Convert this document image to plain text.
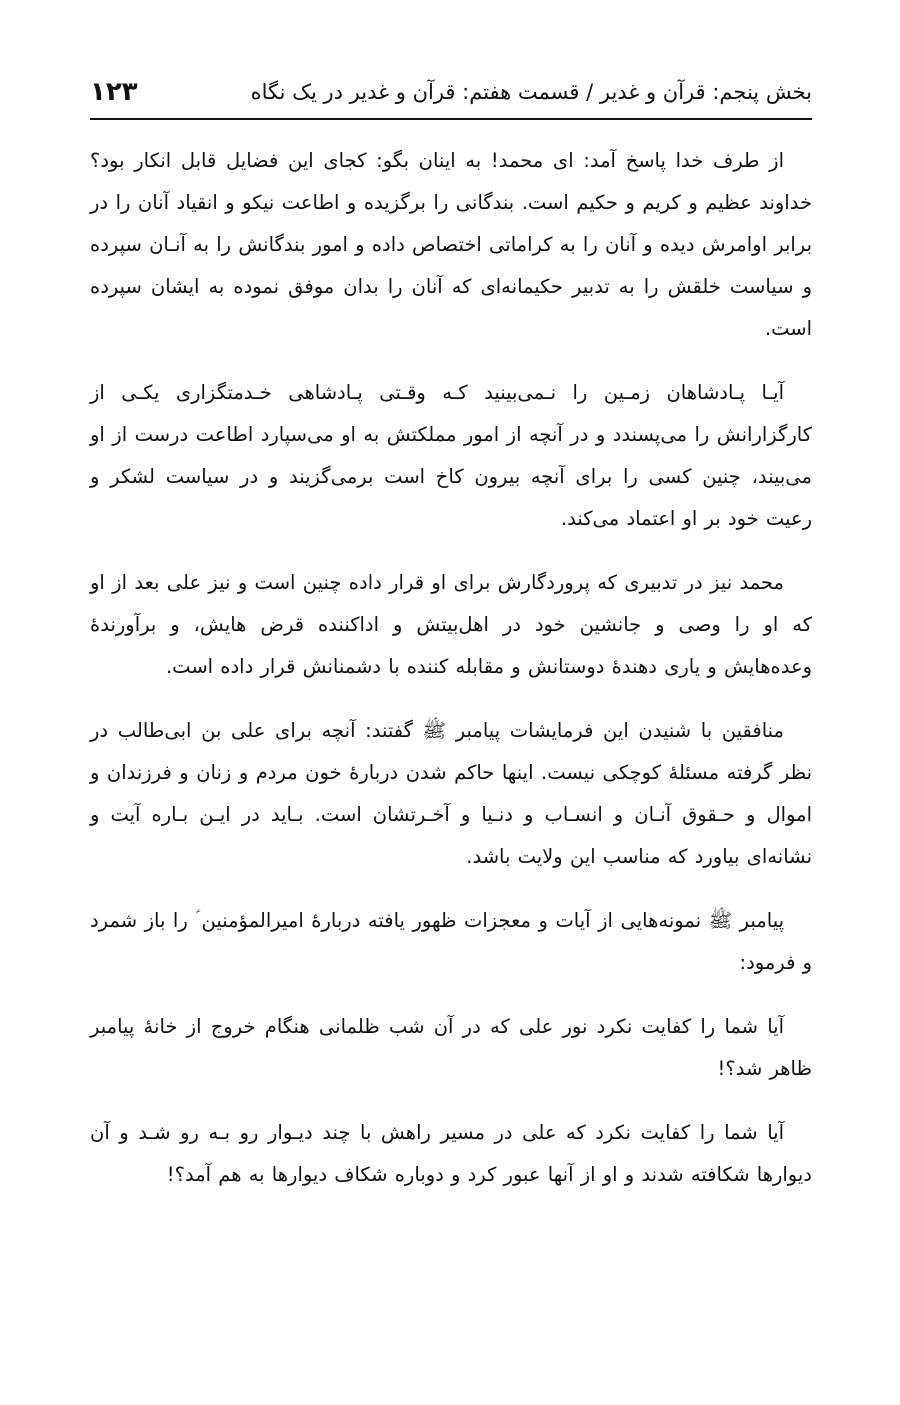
بخش پنجم: قرآن و غدیر / قسمت هفتم: قرآن و غدیر در یک نگاه
۱۲۳

از طرف خدا پاسخ آمد: ای محمد! به اینان بگو: کجای این فضایل قابل انکار بود؟ خداوند عظیم و کریم و حکیم است. بندگانی را برگزیده و اطاعت نیکو و انقیاد آنان را در برابر اوامرش دیده و آنان را به کراماتی اختصاص داده و امور بندگانش را به آنـان سپرده و سیاست خلقش را به تدبیر حکیمانه‌ای که آنان را بدان موفق نموده به ایشان سپرده است.

آیـا پـادشاهان زمـین را نـمی‌بینید کـه وقـتی پـادشاهی خـدمتگزاری یکـی از کارگزارانش را می‌پسندد و در آنچه از امور مملکتش به او می‌سپارد اطاعت درست از او می‌بیند، چنین کسی را برای آنچه بیرون کاخ است برمی‌گزیند و در سیاست لشکر و رعیت خود بر او اعتماد می‌کند.

محمد نیز در تدبیری که پروردگارش برای او قرار داده چنین است و نیز علی بعد از او که او را وصی و جانشین خود در اهل‌بیتش و اداکننده قرض هایش، و برآورندهٔ وعده‌هایش و یاری دهندهٔ دوستانش و مقابله کننده با دشمنانش قرار داده است.

منافقین با شنیدن این فرمایشات پیامبر ﷺ گفتند: آنچه برای علی بن ابی‌طالب در نظر گرفته مسئلهٔ کوچکی نیست. اینها حاکم شدن دربارهٔ خون مردم و زنان و فرزندان و اموال و حـقوق آنـان و انسـاب و دنـیا و آخـرتشان است. بـاید در ایـن بـاره آیت و نشانه‌ای بیاورد که مناسب این ولایت باشد.

پیامبر ﷺ نمونه‌هایی از آیات و معجزات ظهور یافته دربارهٔ امیرالمؤمنین ؑ را باز شمرد و فرمود:

آیا شما را کفایت نکرد نور علی که در آن شب ظلمانی هنگام خروج از خانهٔ پیامبر ظاهر شد؟!

آیا شما را کفایت نکرد که علی در مسیر راهش با چند دیـوار رو بـه رو شـد و آن دیوارها شکافته شدند و او از آنها عبور کرد و دوباره شکاف دیوارها به هم آمد؟!
